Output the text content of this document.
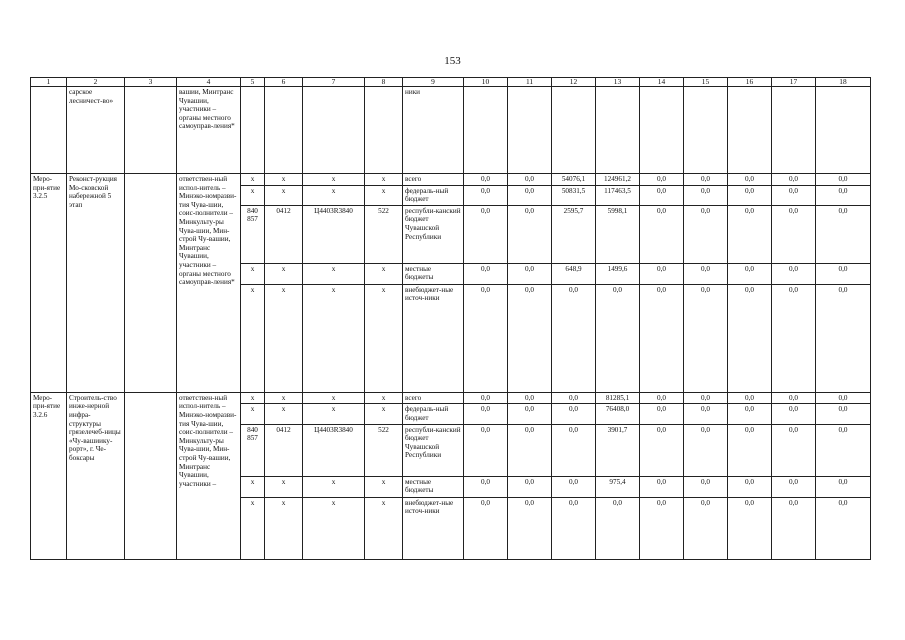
153
1	2	3	4	5	6	7	8	9	10	11	12	13	14	15	16	17	18
	сарское лесничест-во»		вашии, Минтранс Чувашии, участники – органы местного самоуправ-ления*					ники									
Меро-при-ятие 3.2.5	Реконст-рукция Мо-сковской набережной 5 этап		ответствен-ный испол-нитель – Минэко-номразви-тия Чува-шии, соис-полнители – Минкульту-ры Чува-шии, Мин-строй Чу-вашии, Минтранс Чувашии, участники – органы местного самоуправ-ления*	х	х	х	х	всего	0,0	0,0	54076,1	124961,2	0,0	0,0	0,0	0,0	0,0
				х	х	х	х	федераль-ный бюджет	0,0	0,0	50831,5	117463,5	0,0	0,0	0,0	0,0	0,0
				840 857	0412	Ц4403R3840	522	республи-канский бюджет Чувашской Республики	0,0	0,0	2595,7	5998,1	0,0	0,0	0,0	0,0	0,0
				х	х	х	х	местные бюджеты	0,0	0,0	648,9	1499,6	0,0	0,0	0,0	0,0	0,0
				х	х	х	х	внебюджет-ные источ-ники	0,0	0,0	0,0	0,0	0,0	0,0	0,0	0,0	0,0
Меро-при-ятие 3.2.6	Строитель-ство инже-нерной инфра-структуры грязелечеб-ницы «Чу-вашиику-рорт», г. Че-боксары		ответствен-ный испол-нитель – Минэко-номразви-тия Чува-шии, соис-полнители – Минкульту-ры Чува-шии, Мин-строй Чу-вашии, Минтранс Чувашии, участники –	х	х	х	х	всего	0,0	0,0	0,0	81285,1	0,0	0,0	0,0	0,0	0,0
				х	х	х	х	федераль-ный бюджет	0,0	0,0	0,0	76408,0	0,0	0,0	0,0	0,0	0,0
				840 857	0412	Ц4403R3840	522	республи-канский бюджет Чувашской Республики	0,0	0,0	0,0	3901,7	0,0	0,0	0,0	0,0	0,0
				х	х	х	х	местные бюджеты	0,0	0,0	0,0	975,4	0,0	0,0	0,0	0,0	0,0
				х	х	х	х	внебюджет-ные источ-ники	0,0	0,0	0,0	0,0	0,0	0,0	0,0	0,0	0,0
